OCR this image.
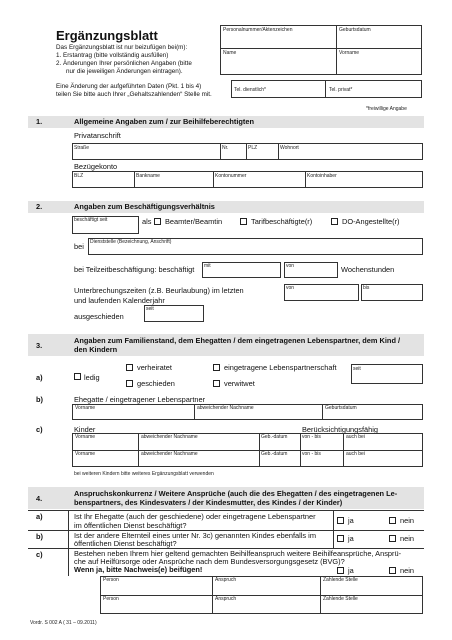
Ergänzungsblatt
Das Ergänzungsblatt ist nur beizufügen bei(m):
1. Erstantrag (bitte vollständig ausfüllen)
2. Änderungen Ihrer persönlichen Angaben (bitte
nur die jeweiligen Änderungen eintragen).
Eine Änderung der aufgeführten Daten (Pkt. 1 bis 4)
teilen Sie bitte auch Ihrer „Gehaltszahlenden“ Stelle mit.
Personalnummer/Aktenzeichen	Geburtsdatum
Name	Vorname
Tel. dienstlich*	Tel. privat*
*freiwillige Angabe
1.	Allgemeine Angaben zum / zur Beihilfeberechtigten
Privatanschrift
Straße	Nr.	PLZ	Wohnort
Bezügekonto
BLZ	Bankname	Kontonummer	Kontoinhaber
2.	Angaben zum Beschäftigungsverhältnis
beschäftigt seit	als Beamter/Beamtin	Tarifbeschäftigte(r)	DO-Angestellte(r)
bei Dienststelle (Bezeichnung, Anschrift)
bei Teilzeitbeschäftigung: beschäftigt mit	von	Wochenstunden
Unterbrechungszeiten (z.B. Beurlaubung) im letzten
und laufenden Kalenderjahr
von	bis
seit
ausgeschieden
3.
Angaben zum Familienstand, dem Ehegatten / dem eingetragenen Lebenspartner, dem Kind /
den Kindern
a)	ledig
verheiratet	eingetragene Lebenspartnerschaft
geschieden	verwitwet
seit
b)	Ehegatte / eingetragener Lebenspartner
Vorname	abweichender Nachname	Geburtsdatum
c)	Kinder	Berücksichtigungsfähig
Vorname	abweichender Nachname	Geb.-datum	von - bis	auch bei
Vorname	abweichender Nachname	Geb.-datum	von - bis	auch bei
bei weiteren Kindern bitte weiteres Ergänzungsblatt verwenden
4.
Anspruchskonkurrenz / Weitere Ansprüche (auch die des Ehegatten / des eingetragenen Le-
benspartners, des Kindesvaters / der Kindesmutter, des Kindes / der Kinder)
a)	Ist Ihr Ehegatte (auch der geschiedene) oder eingetragene Lebenspartner
im öffentlichen Dienst beschäftigt?
ja	nein
b)	Ist der andere Elternteil eines unter Nr. 3c) genannten Kindes ebenfalls im
öffentlichen Dienst beschäftigt?
ja	nein
c)	Bestehen neben Ihrem hier geltend gemachten Beihilfeanspruch weitere Beihilfeansprüche, Ansprü-
che auf Heilfürsorge oder Ansprüche nach dem Bundesversorgungsgesetz (BVG)?
Wenn ja, bitte Nachweis(e) beifügen!	ja	nein
Person	Anspruch	Zahlende Stelle
Person	Anspruch	Zahlende Stelle
Vordr. S 002 A ( 31 – 09.2011)
